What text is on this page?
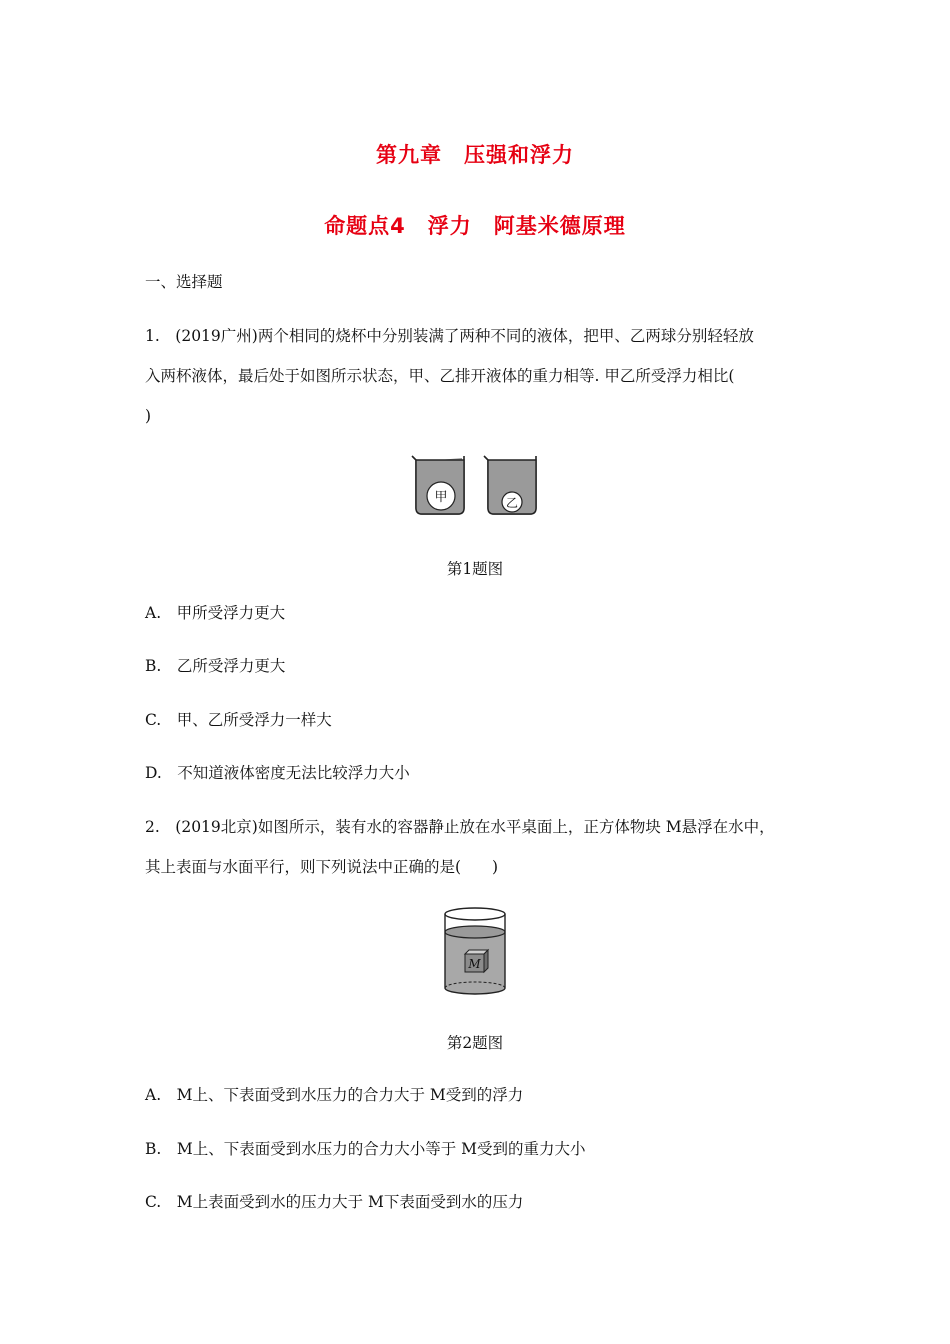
第九章　压强和浮力
命题点4　浮力　阿基米德原理
一、选择题
1.　(2019广州)两个相同的烧杯中分别装满了两种不同的液体，把甲、乙两球分别轻轻放
入两杯液体，最后处于如图所示状态，甲、乙排开液体的重力相等. 甲乙所受浮力相比(
)
甲	乙
第1题图
A.　甲所受浮力更大
B.　乙所受浮力更大
C.　甲、乙所受浮力一样大
D.　不知道液体密度无法比较浮力大小
2.　(2019北京)如图所示，装有水的容器静止放在水平桌面上，正方体物块 M悬浮在水中，
其上表面与水面平行，则下列说法中正确的是(　　)
M
第2题图
A.　M上、下表面受到水压力的合力大于 M受到的浮力
B.　M上、下表面受到水压力的合力大小等于 M受到的重力大小
C.　M上表面受到水的压力大于 M下表面受到水的压力
